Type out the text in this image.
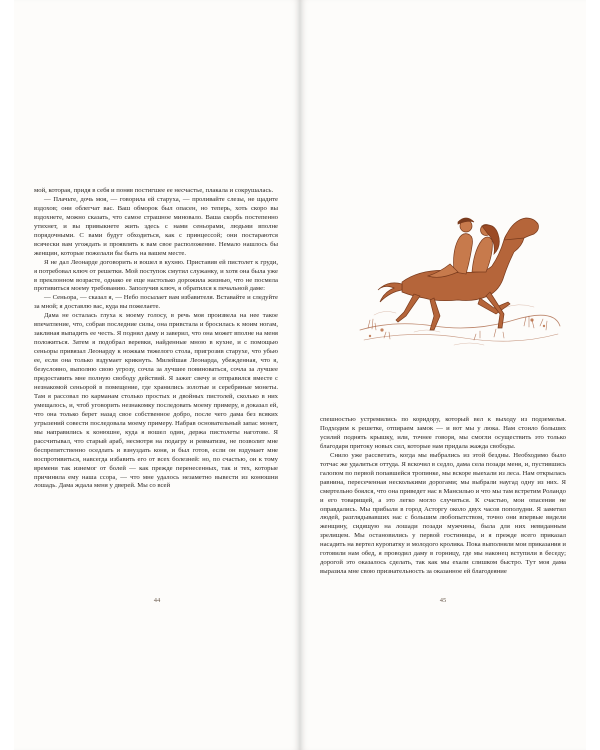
мой, которая, придя в себя и поняв постигшее ее несчастье, плакала и сокрушалась.

— Плачьте, дочь моя, — говорила ей старуха, — проливайте слезы, не щадите вздохов; они облегчат вас. Ваш обморок был опасен, но теперь, хоть скоро вы вздохнете, можно сказать, что самое страшное миновало. Ваша скорбь постепенно утихнет, и вы привыкнете жить здесь с нами сеньорами, людьми вполне порядочными. С вами будут обходиться, как с принцессой; они постараются всячески вам угождать и проявлять к вам свое расположение. Немало нашлось бы женщин, которые пожелали бы быть на вашем месте.

Я не дал Леонарде договорить и вошел в кухню. Приставив ей пистолет к груди, я потребовал ключ от решетки. Мой поступок смутил служанку, и хотя она была уже в преклонном возрасте, однако ее еще настолько дорожила жизнью, что не посмела противиться моему требованию. Заполучив ключ, я обратился к печальной даме:

— Сеньора, — сказал я, — Небо посылает вам избавителя. Вставайте и следуйте за мной; я доставлю вас, куда вы пожелаете.

Дама не осталась глуха к моему голосу, в речь моя произвела на нее такое впечатление, что, собрав последние силы, она привстала и бросилась к моим ногам, заклиная выпадить ее честь. Я поднял даму и заверил, что она может вполне на меня положиться. Затем я подобрал веревки, найденные мною в кухне, и с помощью сеньоры привязал Леонарду к ножкам тяжелого стола, пригрозив старухе, что убью ее, если она только вздумает крикнуть. Милейшая Леонарда, убежденная, что я, безусловно, выполню свою угрозу, сочла за лучшее повиноваться, сочла за лучшее предоставить мне полную свободу действий. Я зажег свечу и отправился вместе с незнакомой сеньорой в помещение, где хранились золотые и серебряные монеты. Там я рассовал по карманам столько простых и двойных пистолей, сколько в них умещалось, и, чтоб уговорить незнакомку последовать моему примеру, я доказал ей, что она только берет назад свое собственное добро, после чего дама без всяких угрызений совести последовала моему примеру. Набрав основательный запас монет, мы направились к конюшне, куда я вошел один, держа пистолеты наготове. Я рассчитывал, что старый араб, несмотря на подагру и ревматизм, не позволит мне беспрепятственно оседлать и взнуздать коня, и был готов, если он вздумает мне воспротивиться, навсегда избавить его от всех болезней: но, по счастью, он к тому времени так изнемог от болей — как прежде перенесенных, так и тех, которые причинила ему наша ссора, — что мне удалось незаметно вывести из конюшни лошадь. Дама ждала меня у дверей. Мы со всей

44

спешностью устремились по коридору, который вел к выходу из подземелья. Подходим к решетке, отпираем замок — и вот мы у люка. Нам стоило больших усилий поднять крышку, или, точнее говоря, мы смогли осуществить это только благодаря притоку новых сил, которые нам придала жажда свободы.

Снило уже рассветать, когда мы выбрались из этой бездны. Необходимо было тотчас же удалиться оттуда. Я вскочил в седло, дама села позади меня, и, пустившись галопом по первой попавшейся тропинке, мы вскоре выехали из леса. Нам открылась равнина, пересеченная несколькими дорогами; мы выбрали наугад одну из них. Я смертельно боялся, что она приведет нас в Мансилью и что мы там встретим Роландо и его товарищей, а это легко могло случиться. К счастью, мои опасения не оправдались. Мы прибыли в город Асторгу около двух часов пополудни. Я заметил людей, разглядывавших нас с большим любопытством, точно они впервые видели женщину, сидящую на лошади позади мужчины, была для них невиданным зрелищем. Мы остановились у первой гостиницы, и я прежде всего приказал насадить на вертел куропатку и молодого кролика. Пока выполняли мои приказания и готовили нам обед, я проводил даму в горницу, где мы наконец вступили в беседу; дорогой это оказалось сделать, так как мы ехали слишком быстро. Тут моя дама выразила мне свою признательность за оказанное ей благодеяние

45
